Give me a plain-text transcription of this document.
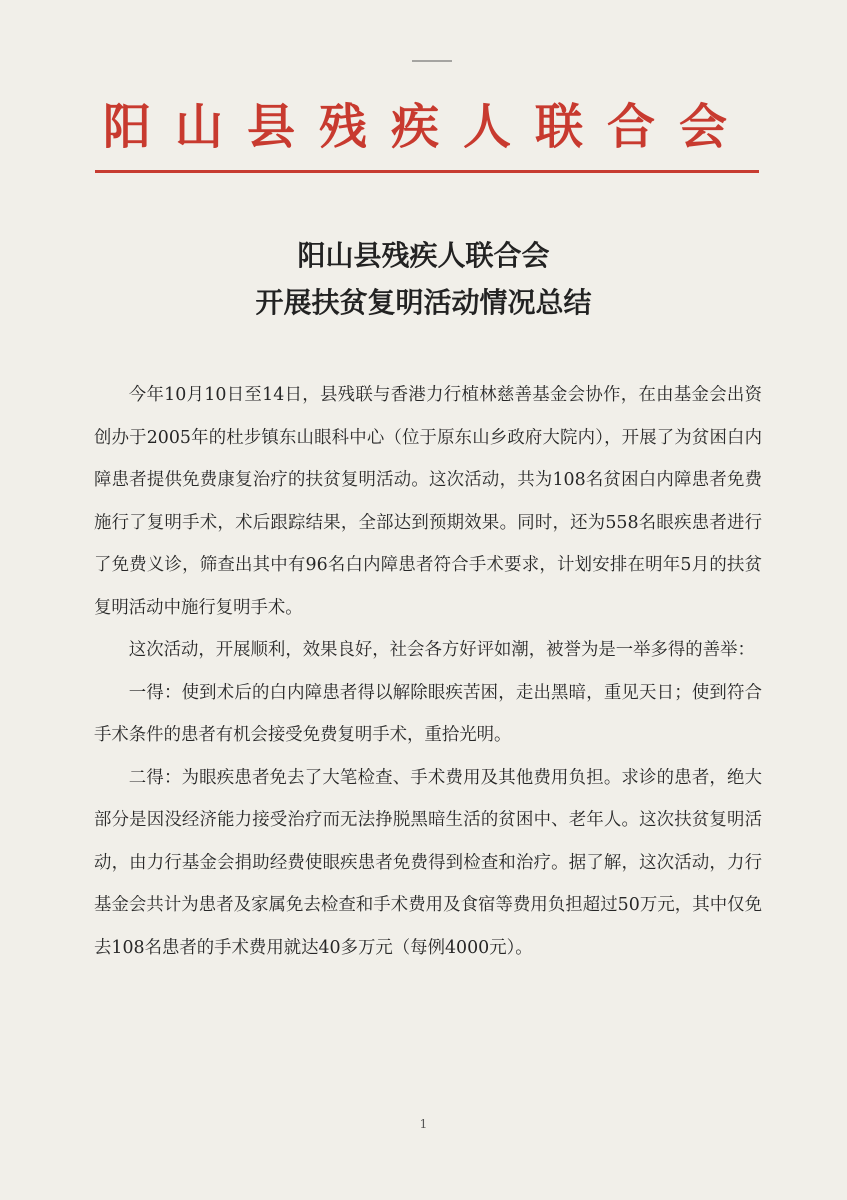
阳山县残疾人联合会
阳山县残疾人联合会
开展扶贫复明活动情况总结

今年10月10日至14日，县残联与香港力行植林慈善基金会协作，在由基金会出资创办于2005年的杜步镇东山眼科中心（位于原东山乡政府大院内），开展了为贫困白内障患者提供免费康复治疗的扶贫复明活动。这次活动，共为108名贫困白内障患者免费施行了复明手术，术后跟踪结果，全部达到预期效果。同时，还为558名眼疾患者进行了免费义诊，筛查出其中有96名白内障患者符合手术要求，计划安排在明年5月的扶贫复明活动中施行复明手术。

这次活动，开展顺利，效果良好，社会各方好评如潮，被誉为是一举多得的善举：

一得：使到术后的白内障患者得以解除眼疾苦困，走出黑暗，重见天日；使到符合手术条件的患者有机会接受免费复明手术，重拾光明。

二得：为眼疾患者免去了大笔检查、手术费用及其他费用负担。求诊的患者，绝大部分是因没经济能力接受治疗而无法挣脱黑暗生活的贫困中、老年人。这次扶贫复明活动，由力行基金会捐助经费使眼疾患者免费得到检查和治疗。据了解，这次活动，力行基金会共计为患者及家属免去检查和手术费用及食宿等费用负担超过50万元，其中仅免去108名患者的手术费用就达40多万元（每例4000元）。

1
